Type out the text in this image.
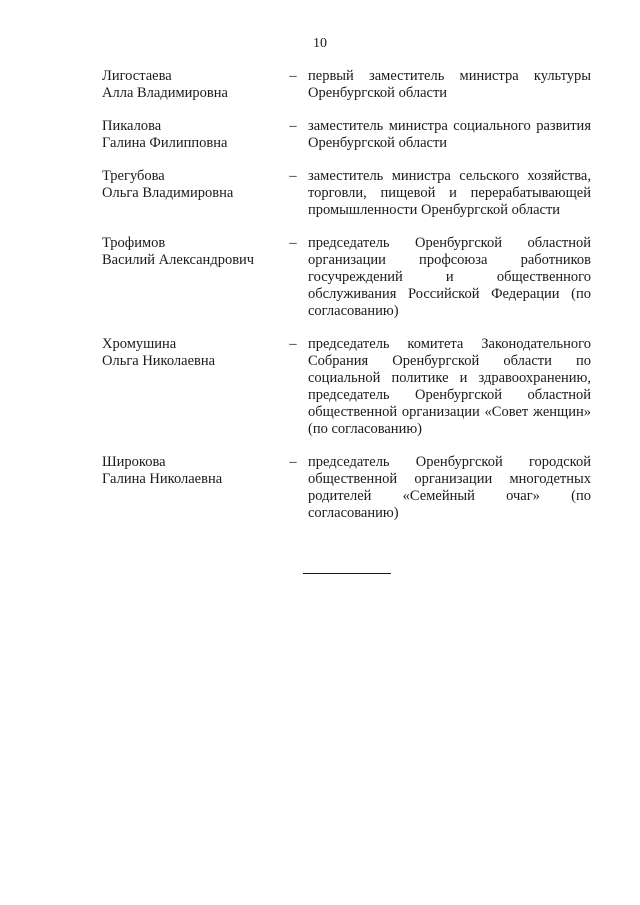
10
Лигостаева
Алла Владимировна
– первый заместитель министра культуры
Оренбургской области
Пикалова
Галина Филипповна
– заместитель министра социального развития
Оренбургской области
Трегубова
Ольга Владимировна
– заместитель министра сельского хозяйства,
торговли, пищевой и перерабатывающей
промышленности Оренбургской области
Трофимов
Василий Александрович
– председатель Оренбургской областной
организации профсоюза работников
госучреждений и общественного
обслуживания Российской Федерации (по
согласованию)
Хромушина
Ольга Николаевна
– председатель комитета Законодательного
Собрания Оренбургской области по
социальной политике и здравоохранению,
председатель Оренбургской областной
общественной организации «Совет женщин»
(по согласованию)
Широкова
Галина Николаевна
– председатель Оренбургской городской
общественной организации многодетных
родителей «Семейный очаг» (по
согласованию)
